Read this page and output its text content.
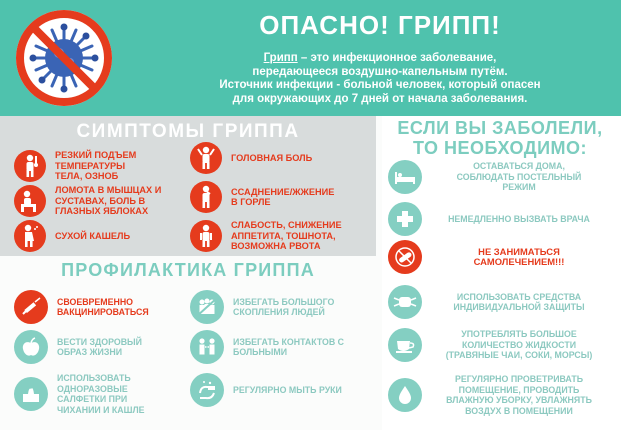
ОПАСНО! ГРИПП!
Грипп – это инфекционное заболевание,
передающееся воздушно-капельным путём.
Источник инфекции - больной человек, который опасен
для окружающих до 7 дней от начала заболевания.
СИМПТОМЫ ГРИППА
РЕЗКИЙ ПОДЪЕМ
ТЕМПЕРАТУРЫ
ТЕЛА, ОЗНОБ
ГОЛОВНАЯ БОЛЬ
ЛОМОТА В МЫШЦАХ И
СУСТАВАХ, БОЛЬ В
ГЛАЗНЫХ ЯБЛОКАХ
ССАДНЕНИЕ/ЖЖЕНИЕ
В ГОРЛЕ
СУХОЙ КАШЕЛЬ
СЛАБОСТЬ, СНИЖЕНИЕ
АППЕТИТА, ТОШНОТА,
ВОЗМОЖНА РВОТА
ПРОФИЛАКТИКА ГРИППА
СВОЕВРЕМЕННО
ВАКЦИНИРОВАТЬСЯ
ИЗБЕГАТЬ БОЛЬШОГО
СКОПЛЕНИЯ ЛЮДЕЙ
ВЕСТИ ЗДОРОВЫЙ
ОБРАЗ ЖИЗНИ
ИЗБЕГАТЬ КОНТАКТОВ С
БОЛЬНЫМИ
ИСПОЛЬЗОВАТЬ
ОДНОРАЗОВЫЕ
САЛФЕТКИ ПРИ
ЧИХАНИИ И КАШЛЕ
РЕГУЛЯРНО МЫТЬ РУКИ
ЕСЛИ ВЫ ЗАБОЛЕЛИ,
ТО НЕОБХОДИМО:
ОСТАВАТЬСЯ ДОМА,
СОБЛЮДАТЬ ПОСТЕЛЬНЫЙ
РЕЖИМ
НЕМЕДЛЕННО ВЫЗВАТЬ ВРАЧА
НЕ ЗАНИМАТЬСЯ
САМОЛЕЧЕНИЕМ!!!
ИСПОЛЬЗОВАТЬ СРЕДСТВА
ИНДИВИДУАЛЬНОЙ ЗАЩИТЫ
УПОТРЕБЛЯТЬ БОЛЬШОЕ
КОЛИЧЕСТВО ЖИДКОСТИ
(ТРАВЯНЫЕ ЧАИ, СОКИ, МОРСЫ)
РЕГУЛЯРНО ПРОВЕТРИВАТЬ
ПОМЕЩЕНИЕ, ПРОВОДИТЬ
ВЛАЖНУЮ УБОРКУ, УВЛАЖНЯТЬ
ВОЗДУХ В ПОМЕЩЕНИИ
